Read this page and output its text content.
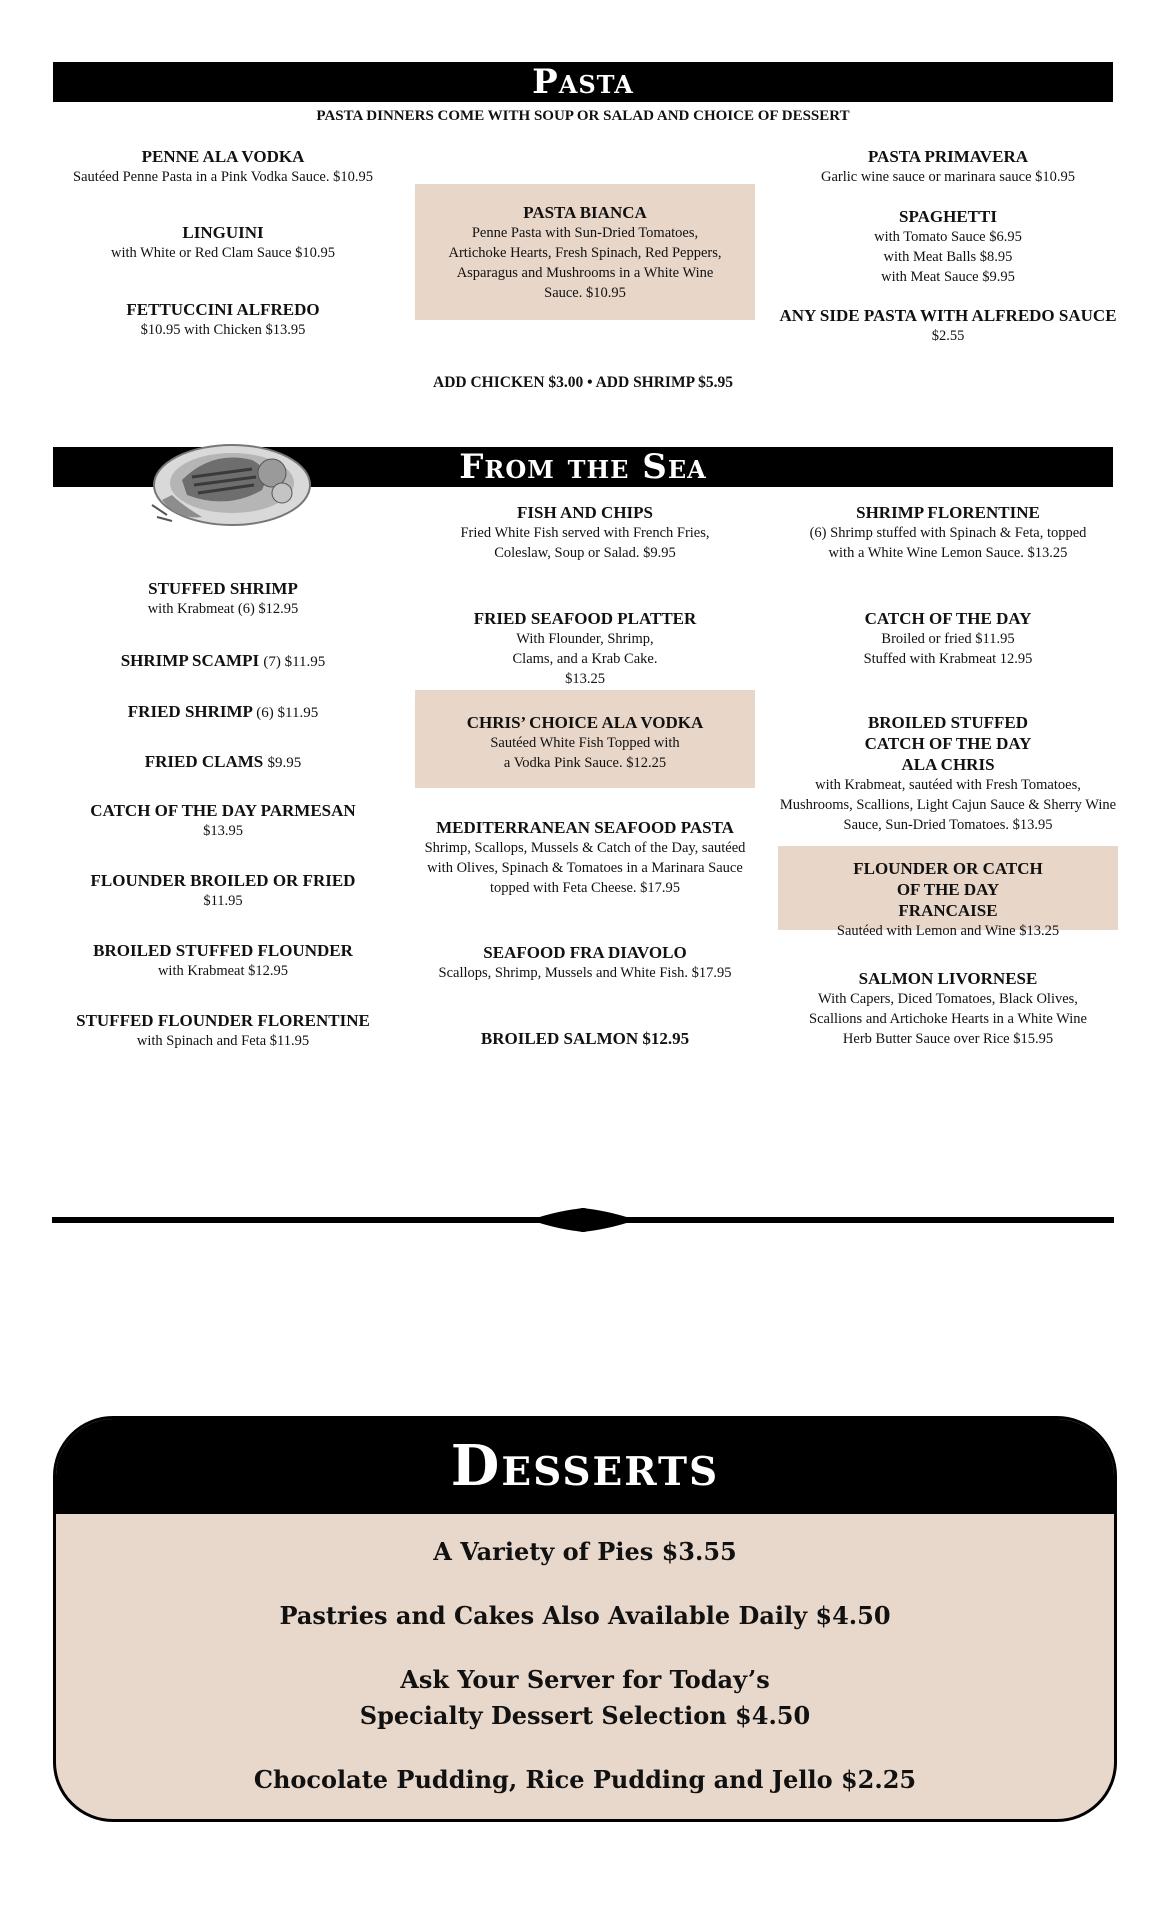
Pasta
PASTA DINNERS COME WITH SOUP OR SALAD AND CHOICE OF DESSERT
PENNE ALA VODKA
Sautéed Penne Pasta in a Pink Vodka Sauce. $10.95
LINGUINI
with White or Red Clam Sauce $10.95
FETTUCCINI ALFREDO
$10.95 with Chicken $13.95
PASTA BIANCA
Penne Pasta with Sun-Dried Tomatoes, Artichoke Hearts, Fresh Spinach, Red Peppers, Asparagus and Mushrooms in a White Wine Sauce. $10.95
PASTA PRIMAVERA
Garlic wine sauce or marinara sauce $10.95
SPAGHETTI
with Tomato Sauce $6.95
with Meat Balls $8.95
with Meat Sauce $9.95
ANY SIDE PASTA WITH ALFREDO SAUCE
$2.55
ADD CHICKEN $3.00 • ADD SHRIMP $5.95
From the Sea
STUFFED SHRIMP
with Krabmeat (6) $12.95
SHRIMP SCAMPI (7) $11.95
FRIED SHRIMP (6) $11.95
FRIED CLAMS $9.95
CATCH OF THE DAY PARMESAN
$13.95
FLOUNDER BROILED OR FRIED
$11.95
BROILED STUFFED FLOUNDER
with Krabmeat $12.95
STUFFED FLOUNDER FLORENTINE
with Spinach and Feta $11.95
FISH AND CHIPS
Fried White Fish served with French Fries, Coleslaw, Soup or Salad. $9.95
FRIED SEAFOOD PLATTER
With Flounder, Shrimp, Clams, and a Krab Cake. $13.25
CHRIS’ CHOICE ALA VODKA
Sautéed White Fish Topped with a Vodka Pink Sauce. $12.25
MEDITERRANEAN SEAFOOD PASTA
Shrimp, Scallops, Mussels & Catch of the Day, sautéed with Olives, Spinach & Tomatoes in a Marinara Sauce topped with Feta Cheese. $17.95
SEAFOOD FRA DIAVOLO
Scallops, Shrimp, Mussels and White Fish. $17.95
BROILED SALMON $12.95
SHRIMP FLORENTINE
(6) Shrimp stuffed with Spinach & Feta, topped with a White Wine Lemon Sauce. $13.25
CATCH OF THE DAY
Broiled or fried $11.95
Stuffed with Krabmeat 12.95
BROILED STUFFED CATCH OF THE DAY ALA CHRIS
with Krabmeat, sautéed with Fresh Tomatoes, Mushrooms, Scallions, Light Cajun Sauce & Sherry Wine Sauce, Sun-Dried Tomatoes. $13.95
FLOUNDER OR CATCH OF THE DAY FRANCAISE
Sautéed with Lemon and Wine $13.25
SALMON LIVORNESE
With Capers, Diced Tomatoes, Black Olives, Scallions and Artichoke Hearts in a White Wine Herb Butter Sauce over Rice $15.95
Desserts
A Variety of Pies $3.55
Pastries and Cakes Also Available Daily $4.50
Ask Your Server for Today’s
Specialty Dessert Selection $4.50
Chocolate Pudding, Rice Pudding and Jello $2.25
